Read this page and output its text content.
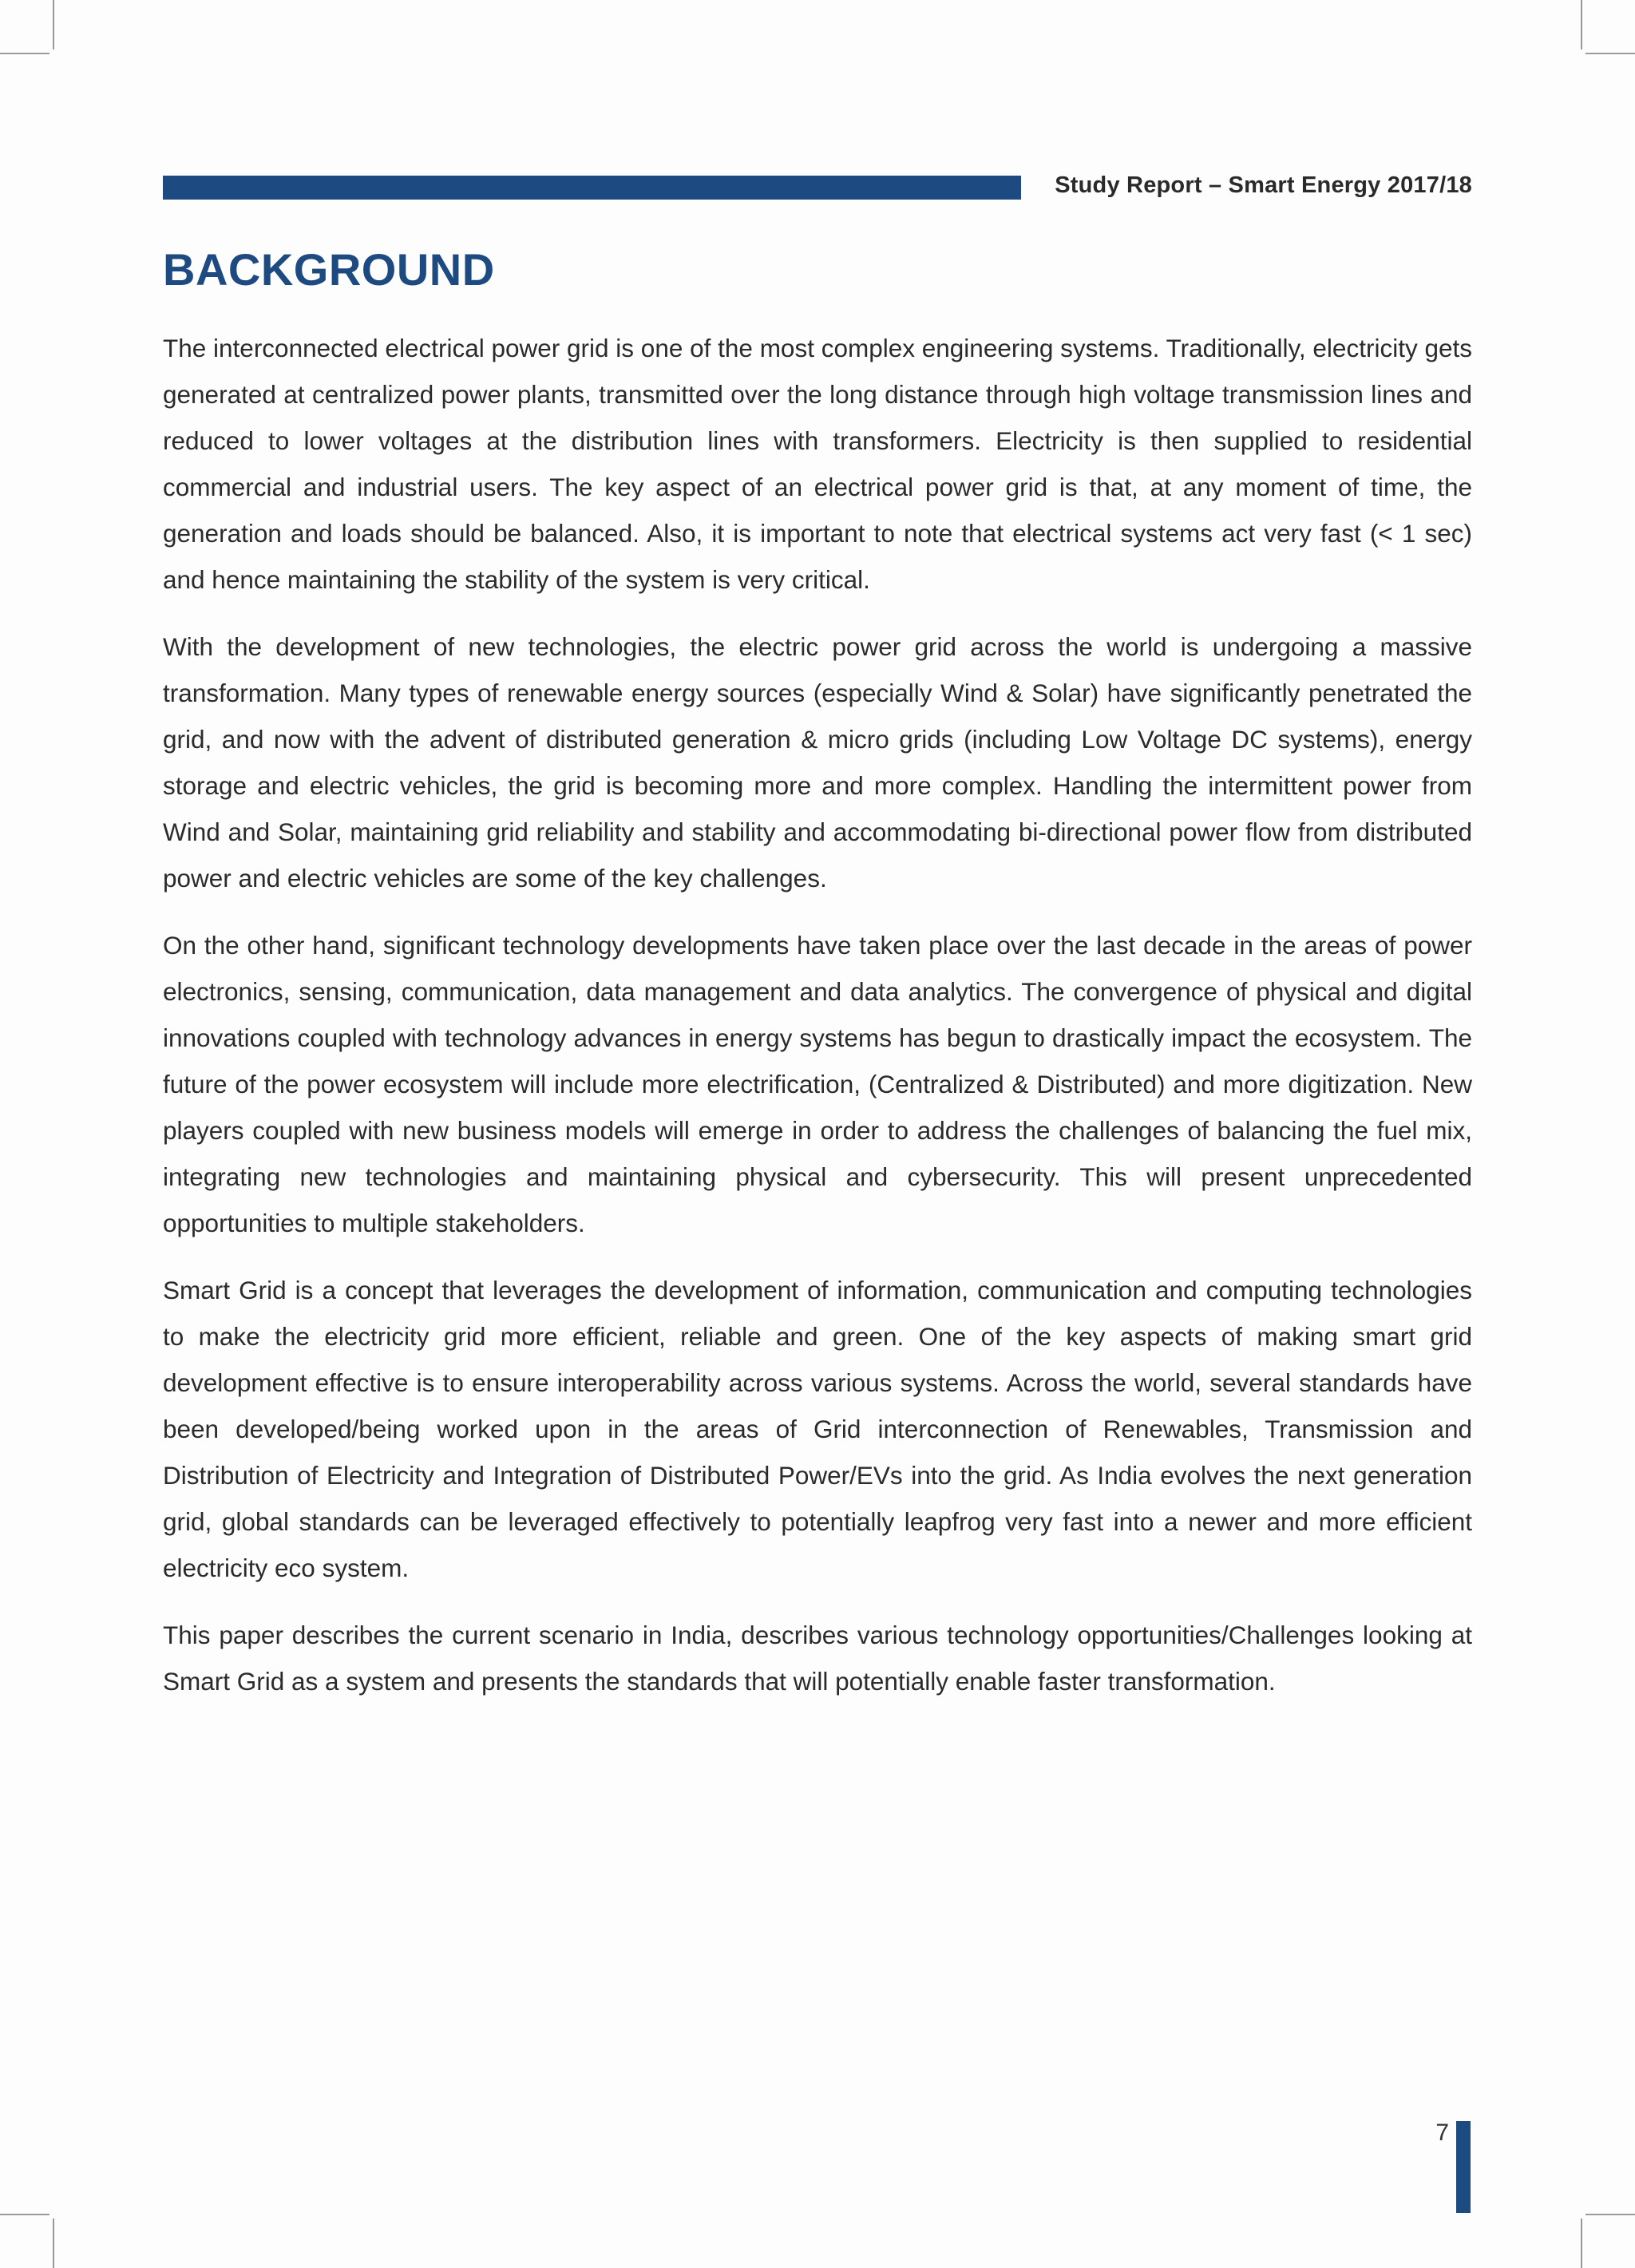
Study Report – Smart Energy 2017/18
BACKGROUND

The interconnected electrical power grid is one of the most complex engineering systems. Traditionally, electricity gets generated at centralized power plants, transmitted over the long distance through high voltage transmission lines and reduced to lower voltages at the distribution lines with transformers. Electricity is then supplied to residential commercial and industrial users. The key aspect of an electrical power grid is that, at any moment of time, the generation and loads should be balanced. Also, it is important to note that electrical systems act very fast (< 1 sec) and hence maintaining the stability of the system is very critical.

With the development of new technologies, the electric power grid across the world is undergoing a massive transformation. Many types of renewable energy sources (especially Wind & Solar) have significantly penetrated the grid, and now with the advent of distributed generation & micro grids (including Low Voltage DC systems), energy storage and electric vehicles, the grid is becoming more and more complex. Handling the intermittent power from Wind and Solar, maintaining grid reliability and stability and accommodating bi-directional power flow from distributed power and electric vehicles are some of the key challenges.

On the other hand, significant technology developments have taken place over the last decade in the areas of power electronics, sensing, communication, data management and data analytics. The convergence of physical and digital innovations coupled with technology advances in energy systems has begun to drastically impact the ecosystem. The future of the power ecosystem will include more electrification, (Centralized & Distributed) and more digitization. New players coupled with new business models will emerge in order to address the challenges of balancing the fuel mix, integrating new technologies and maintaining physical and cybersecurity. This will present unprecedented opportunities to multiple stakeholders.

Smart Grid is a concept that leverages the development of information, communication and computing technologies to make the electricity grid more efficient, reliable and green. One of the key aspects of making smart grid development effective is to ensure interoperability across various systems. Across the world, several standards have been developed/being worked upon in the areas of Grid interconnection of Renewables, Transmission and Distribution of Electricity and Integration of Distributed Power/EVs into the grid. As India evolves the next generation grid, global standards can be leveraged effectively to potentially leapfrog very fast into a newer and more efficient electricity eco system.

This paper describes the current scenario in India, describes various technology opportunities/Challenges looking at Smart Grid as a system and presents the standards that will potentially enable faster transformation.

7
